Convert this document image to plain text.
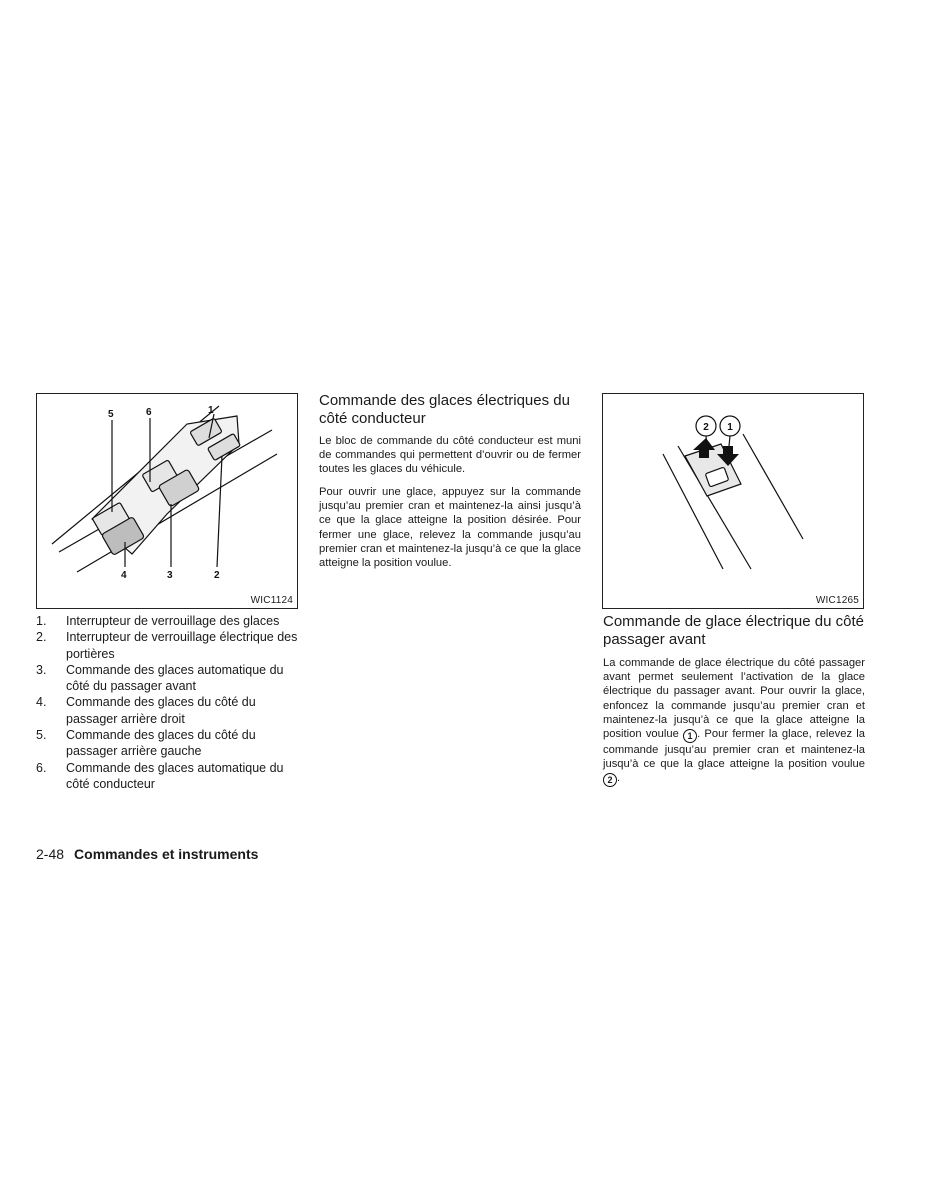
1
2
3
4
5	6
WIC1124
1. Interrupteur de verrouillage des glaces
2. Interrupteur de verrouillage électrique des portières
3. Commande des glaces automatique du côté du passager avant
4. Commande des glaces du côté du passager arrière droit
5. Commande des glaces du côté du passager arrière gauche
6. Commande des glaces automatique du côté conducteur
Commande des glaces électriques du côté conducteur

Le bloc de commande du côté conducteur est muni de commandes qui permettent d’ouvrir ou de fermer toutes les glaces du véhicule.

Pour ouvrir une glace, appuyez sur la commande jusqu’au premier cran et maintenez-la ainsi jusqu’à ce que la glace atteigne la position désirée. Pour fermer une glace, relevez la commande jusqu’au premier cran et maintenez-la jusqu’à ce que la glace atteigne la position voulue.

2 1
WIC1265
Commande de glace électrique du côté passager avant

La commande de glace électrique du côté passager avant permet seulement l’activation de la glace électrique du passager avant. Pour ouvrir la glace, enfoncez la commande jusqu’au premier cran et maintenez-la jusqu’à ce que la glace atteigne la position voulue 1 . Pour fermer la glace, relevez la commande jusqu’au premier cran et maintenez-la jusqu’à ce que la glace atteigne la position voulue 2 .

2-48 Commandes et instruments
